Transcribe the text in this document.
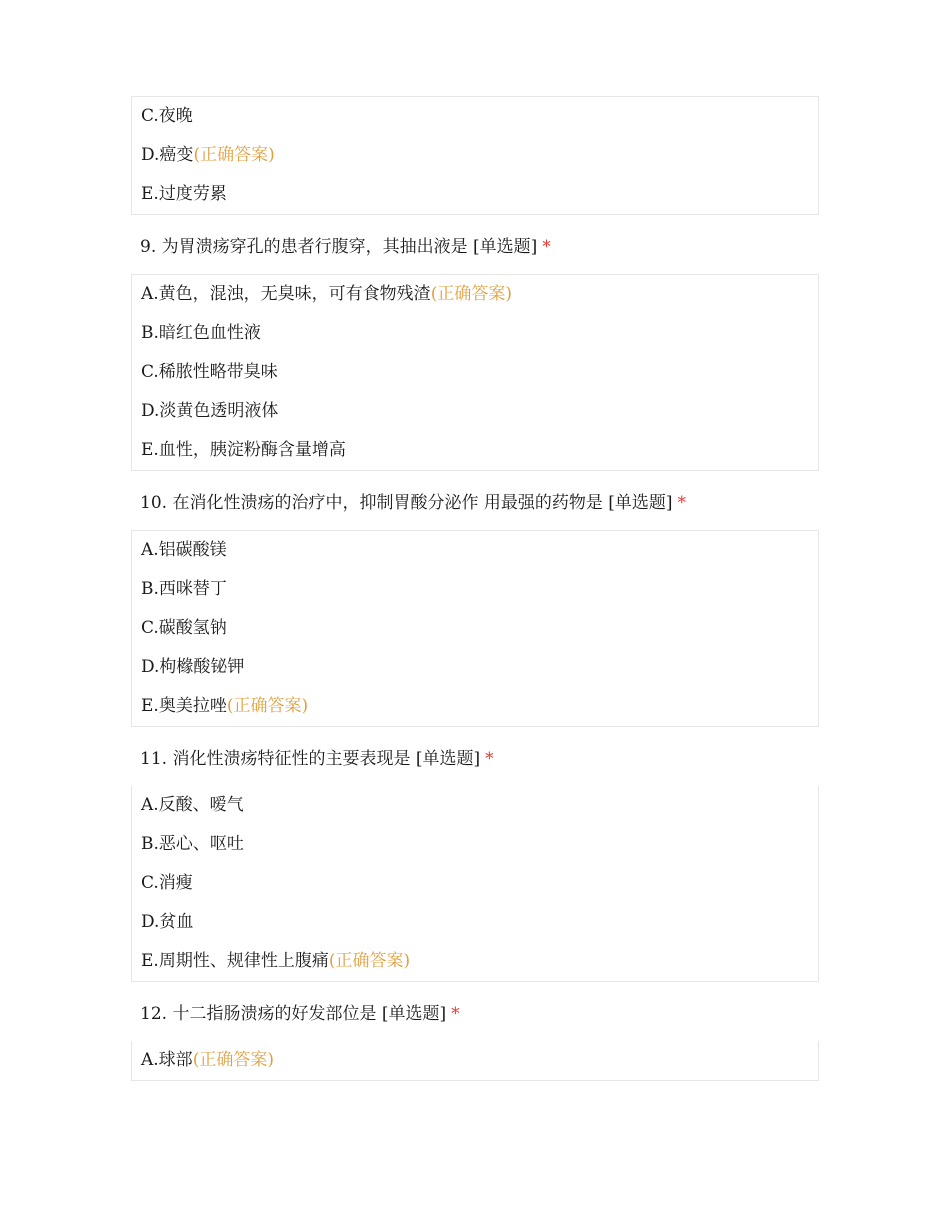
C.夜晚
D.癌变(正确答案)
E.过度劳累
9. 为胃溃疡穿孔的患者行腹穿，其抽出液是 [单选题] *
A.黄色，混浊，无臭味，可有食物残渣(正确答案)
B.暗红色血性液
C.稀脓性略带臭味
D.淡黄色透明液体
E.血性，胰淀粉酶含量增高
10. 在消化性溃疡的治疗中，抑制胃酸分泌作 用最强的药物是 [单选题] *
A.铝碳酸镁
B.西咪替丁
C.碳酸氢钠
D.枸橼酸铋钾
E.奥美拉唑(正确答案)
11. 消化性溃疡特征性的主要表现是 [单选题] *
A.反酸、嗳气
B.恶心、呕吐
C.消瘦
D.贫血
E.周期性、规律性上腹痛(正确答案)
12. 十二指肠溃疡的好发部位是 [单选题] *
A.球部(正确答案)
